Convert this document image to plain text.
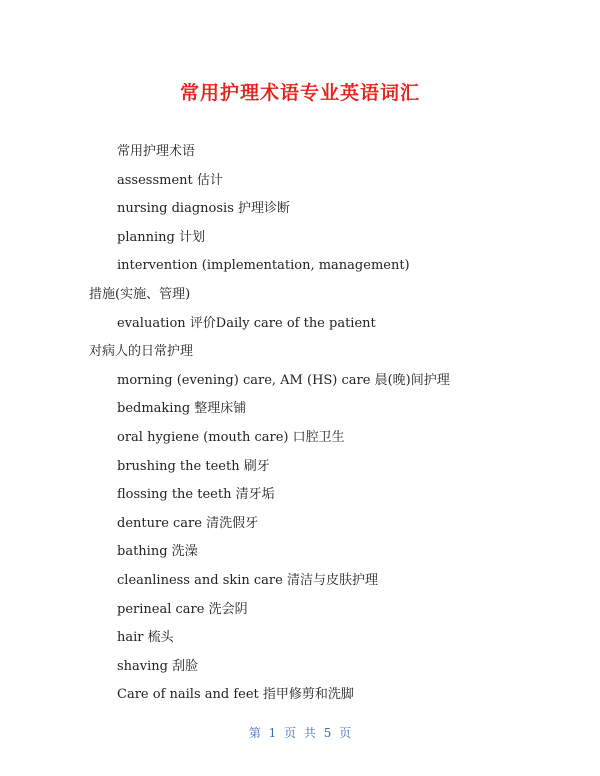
常用护理术语专业英语词汇
常用护理术语
assessment 估计
nursing diagnosis 护理诊断
planning 计划
intervention (implementation, management)
措施(实施、管理)
evaluation 评价Daily care of the patient
对病人的日常护理
morning (evening) care, AM (HS) care 晨(晚)间护理
bedmaking 整理床铺
oral hygiene (mouth care) 口腔卫生
brushing the teeth 刷牙
flossing the teeth 清牙垢
denture care 清洗假牙
bathing 洗澡
cleanliness and skin care 清洁与皮肤护理
perineal care 洗会阴
hair 梳头
shaving 刮脸
Care of nails and feet 指甲修剪和洗脚
第 1 页 共 5 页
